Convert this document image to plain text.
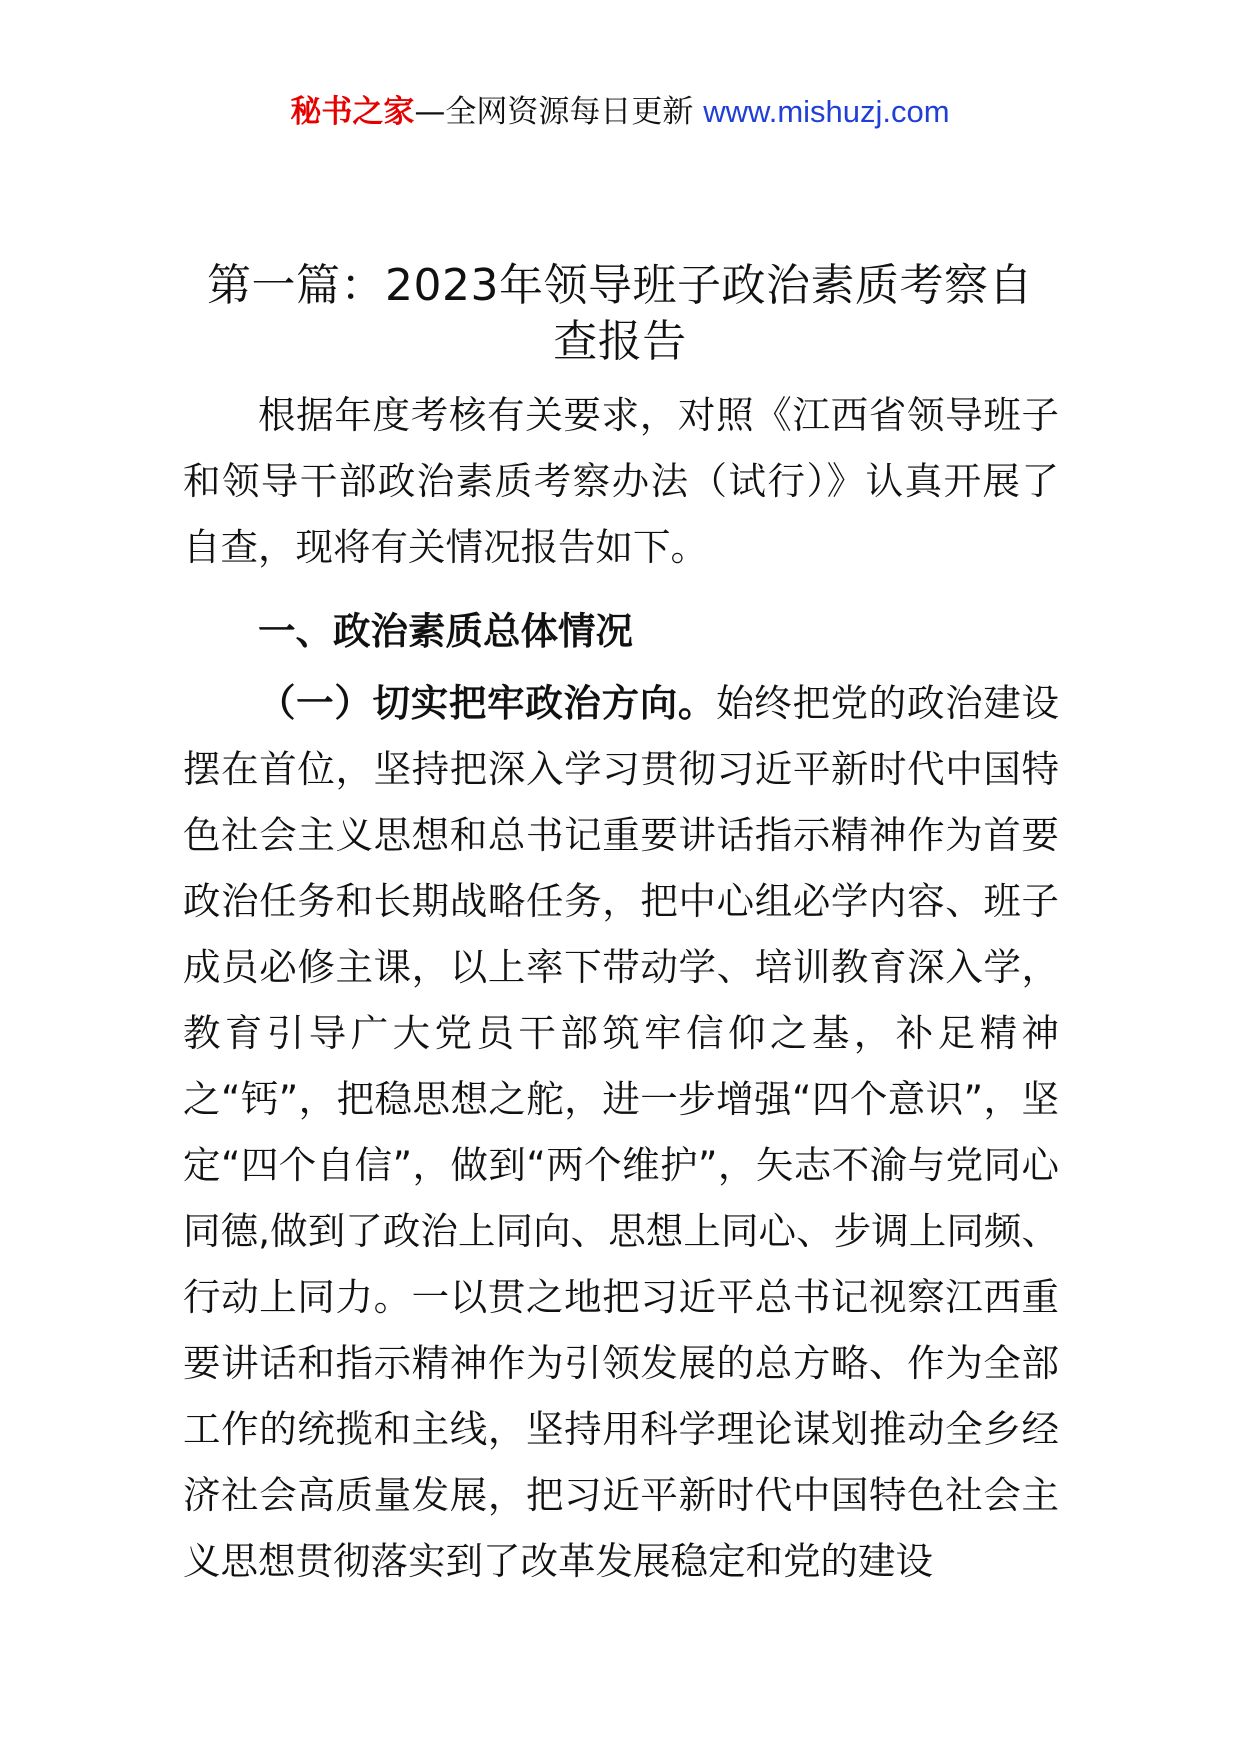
秘书之家—全网资源每日更新 www.mishuzj.com
第一篇：2023年领导班子政治素质考察自查报告

根据年度考核有关要求，对照《江西省领导班子和领导干部政治素质考察办法（试行）》认真开展了自查，现将有关情况报告如下。

一、政治素质总体情况

（一）切实把牢政治方向。始终把党的政治建设摆在首位，坚持把深入学习贯彻习近平新时代中国特色社会主义思想和总书记重要讲话指示精神作为首要政治任务和长期战略任务，把中心组必学内容、班子成员必修主课，以上率下带动学、培训教育深入学，教育引导广大党员干部筑牢信仰之基，补足精神之“钙”，把稳思想之舵，进一步增强“四个意识”，坚定“四个自信”，做到“两个维护”，矢志不渝与党同心同德,做到了政治上同向、思想上同心、步调上同频、行动上同力。一以贯之地把习近平总书记视察江西重要讲话和指示精神作为引领发展的总方略、作为全部工作的统揽和主线，坚持用科学理论谋划推动全乡经济社会高质量发展，把习近平新时代中国特色社会主义思想贯彻落实到了改革发展稳定和党的建设
